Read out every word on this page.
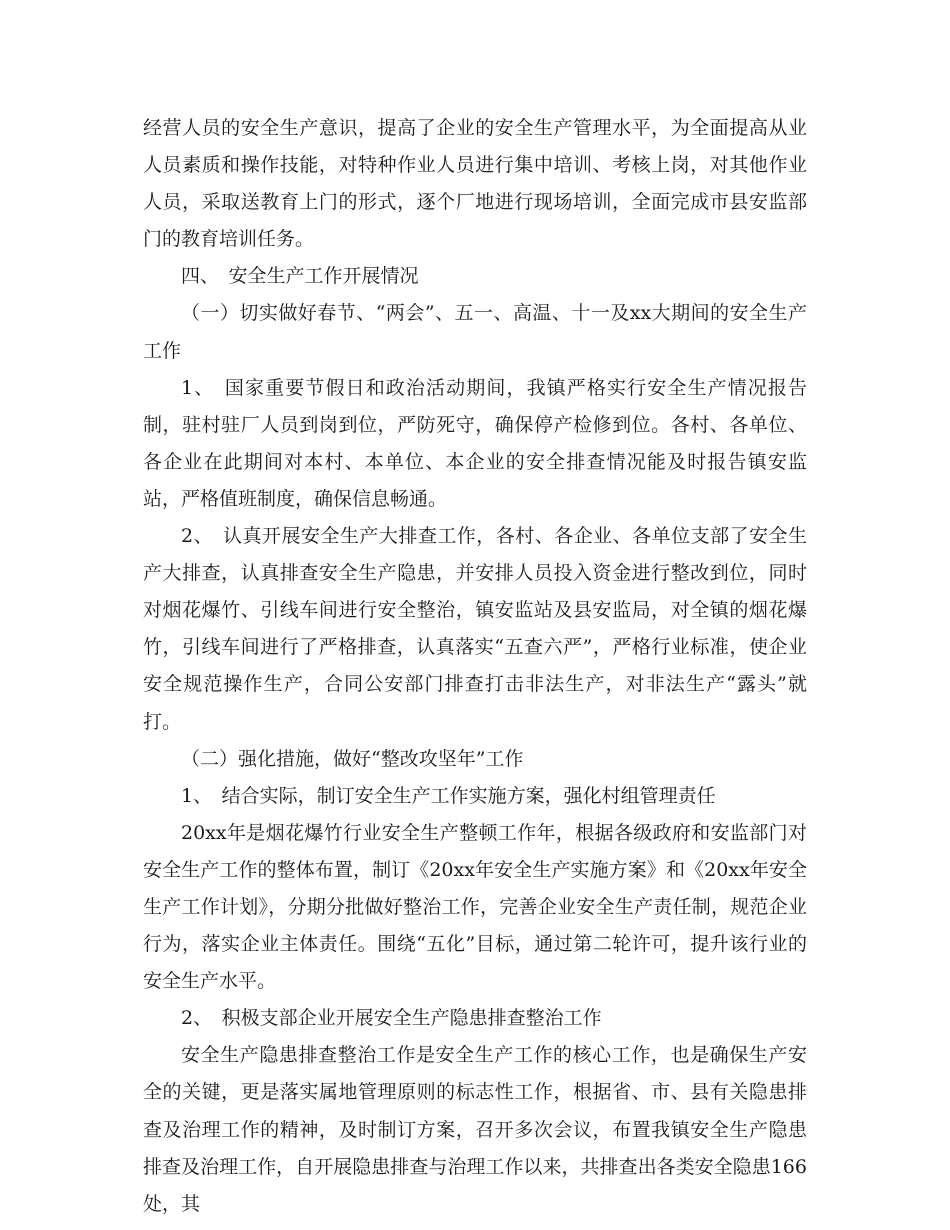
经营人员的安全生产意识，提高了企业的安全生产管理水平，为全面提高从业人员素质和操作技能，对特种作业人员进行集中培训、考核上岗，对其他作业人员，采取送教育上门的形式，逐个厂地进行现场培训，全面完成市县安监部门的教育培训任务。

四、　安全生产工作开展情况

（一）切实做好春节、“两会”、五一、高温、十一及xx大期间的安全生产工作

1、　国家重要节假日和政治活动期间，我镇严格实行安全生产情况报告制，驻村驻厂人员到岗到位，严防死守，确保停产检修到位。各村、各单位、各企业在此期间对本村、本单位、本企业的安全排查情况能及时报告镇安监站，严格值班制度，确保信息畅通。

2、　认真开展安全生产大排查工作，各村、各企业、各单位支部了安全生产大排查，认真排查安全生产隐患，并安排人员投入资金进行整改到位，同时对烟花爆竹、引线车间进行安全整治，镇安监站及县安监局，对全镇的烟花爆竹，引线车间进行了严格排查，认真落实“五查六严”，严格行业标准，使企业安全规范操作生产，合同公安部门排查打击非法生产，对非法生产“露头”就打。

（二）强化措施，做好“整改攻坚年”工作

1、　结合实际，制订安全生产工作实施方案，强化村组管理责任

20xx年是烟花爆竹行业安全生产整顿工作年，根据各级政府和安监部门对安全生产工作的整体布置，制订《20xx年安全生产实施方案》和《20xx年安全生产工作计划》，分期分批做好整治工作，完善企业安全生产责任制，规范企业行为，落实企业主体责任。围绕“五化”目标，通过第二轮许可，提升该行业的安全生产水平。

2、　积极支部企业开展安全生产隐患排查整治工作

安全生产隐患排查整治工作是安全生产工作的核心工作，也是确保生产安全的关键，更是落实属地管理原则的标志性工作，根据省、市、县有关隐患排查及治理工作的精神，及时制订方案，召开多次会议，布置我镇安全生产隐患排查及治理工作，自开展隐患排查与治理工作以来，共排查出各类安全隐患166处，其
